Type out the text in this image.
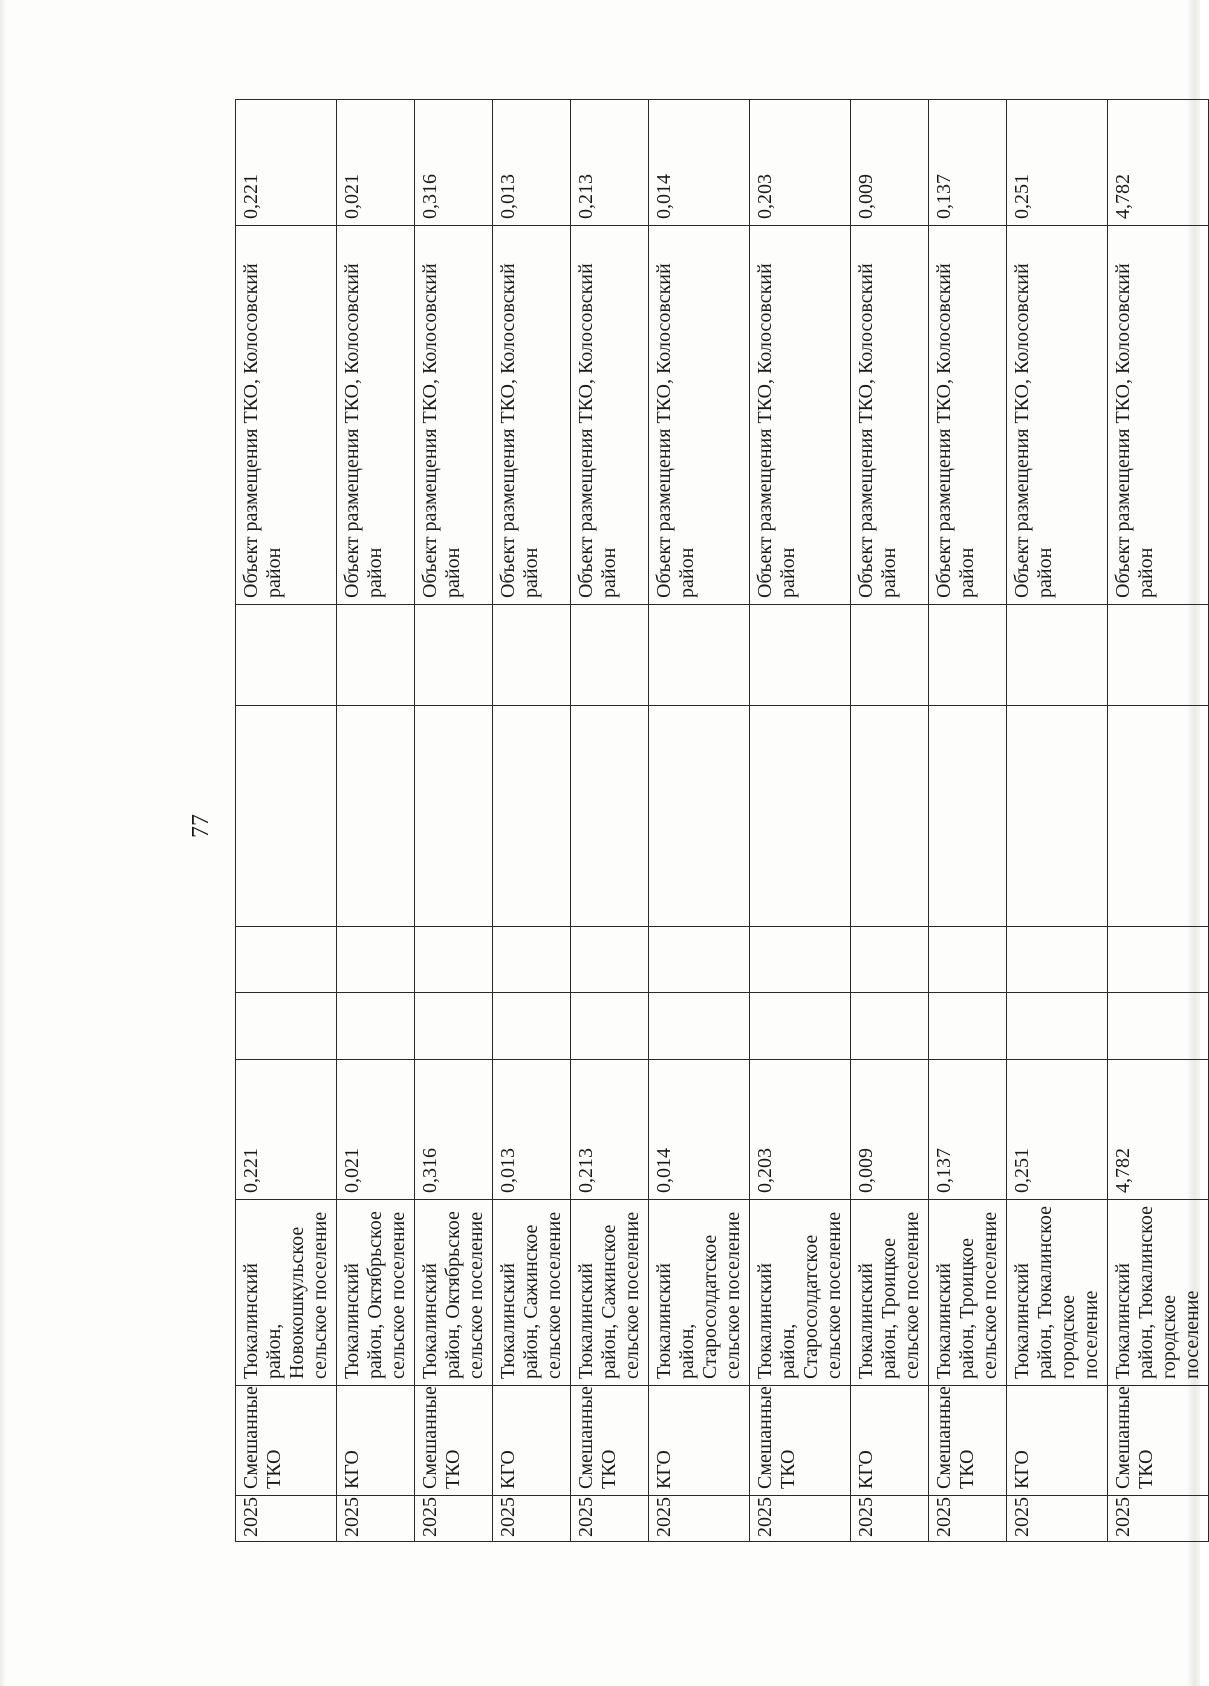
77
2025	Смешанные ТКО	Тюкалинский район, Новокошкульское сельское поселение	0,221					Объект размещения ТКО, Колосовский район	0,221
2025	КГО	Тюкалинский район, Октябрьское сельское поселение	0,021					Объект размещения ТКО, Колосовский район	0,021
2025	Смешанные ТКО	Тюкалинский район, Октябрьское сельское поселение	0,316					Объект размещения ТКО, Колосовский район	0,316
2025	КГО	Тюкалинский район, Сажинское сельское поселение	0,013					Объект размещения ТКО, Колосовский район	0,013
2025	Смешанные ТКО	Тюкалинский район, Сажинское сельское поселение	0,213					Объект размещения ТКО, Колосовский район	0,213
2025	КГО	Тюкалинский район, Старосолдатское сельское поселение	0,014					Объект размещения ТКО, Колосовский район	0,014
2025	Смешанные ТКО	Тюкалинский район, Старосолдатское сельское поселение	0,203					Объект размещения ТКО, Колосовский район	0,203
2025	КГО	Тюкалинский район, Троицкое сельское поселение	0,009					Объект размещения ТКО, Колосовский район	0,009
2025	Смешанные ТКО	Тюкалинский район, Троицкое сельское поселение	0,137					Объект размещения ТКО, Колосовский район	0,137
2025	КГО	Тюкалинский район, Тюкалинское городское поселение	0,251					Объект размещения ТКО, Колосовский район	0,251
2025	Смешанные ТКО	Тюкалинский район, Тюкалинское городское поселение	4,782					Объект размещения ТКО, Колосовский район	4,782
